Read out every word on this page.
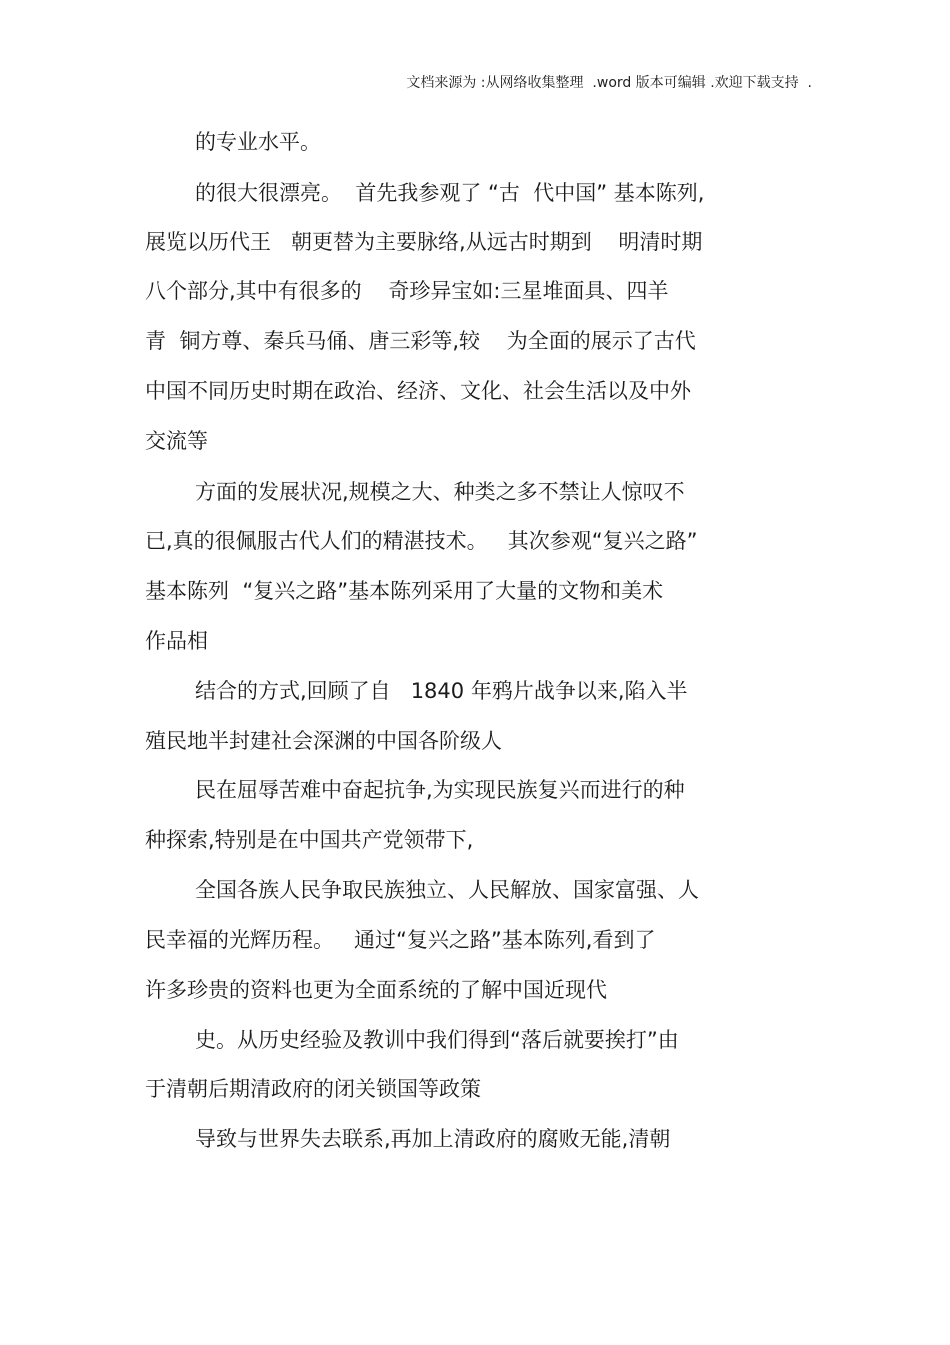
文档来源为 :从网络收集整理  .word 版本可编辑 .欢迎下载支持  .
的专业水平。
的很大很漂亮。  首先我参观了 “古  代中国” 基本陈列,
展览以历代王   朝更替为主要脉络,从远古时期到    明清时期
八个部分,其中有很多的    奇珍异宝如:三星堆面具、四羊
青  铜方尊、秦兵马俑、唐三彩等,较    为全面的展示了古代
中国不同历史时期在政治、经济、文化、社会生活以及中外
交流等
方面的发展状况,规模之大、种类之多不禁让人惊叹不
已,真的很佩服古代人们的精湛技术。   其次参观“复兴之路”
基本陈列  “复兴之路”基本陈列采用了大量的文物和美术
作品相
结合的方式,回顾了自   1840 年鸦片战争以来,陷入半
殖民地半封建社会深渊的中国各阶级人
民在屈辱苦难中奋起抗争,为实现民族复兴而进行的种
种探索,特别是在中国共产党领带下,
全国各族人民争取民族独立、人民解放、国家富强、人
民幸福的光辉历程。   通过“复兴之路”基本陈列,看到了
许多珍贵的资料也更为全面系统的了解中国近现代
史。从历史经验及教训中我们得到“落后就要挨打”由
于清朝后期清政府的闭关锁国等政策
导致与世界失去联系,再加上清政府的腐败无能,清朝
